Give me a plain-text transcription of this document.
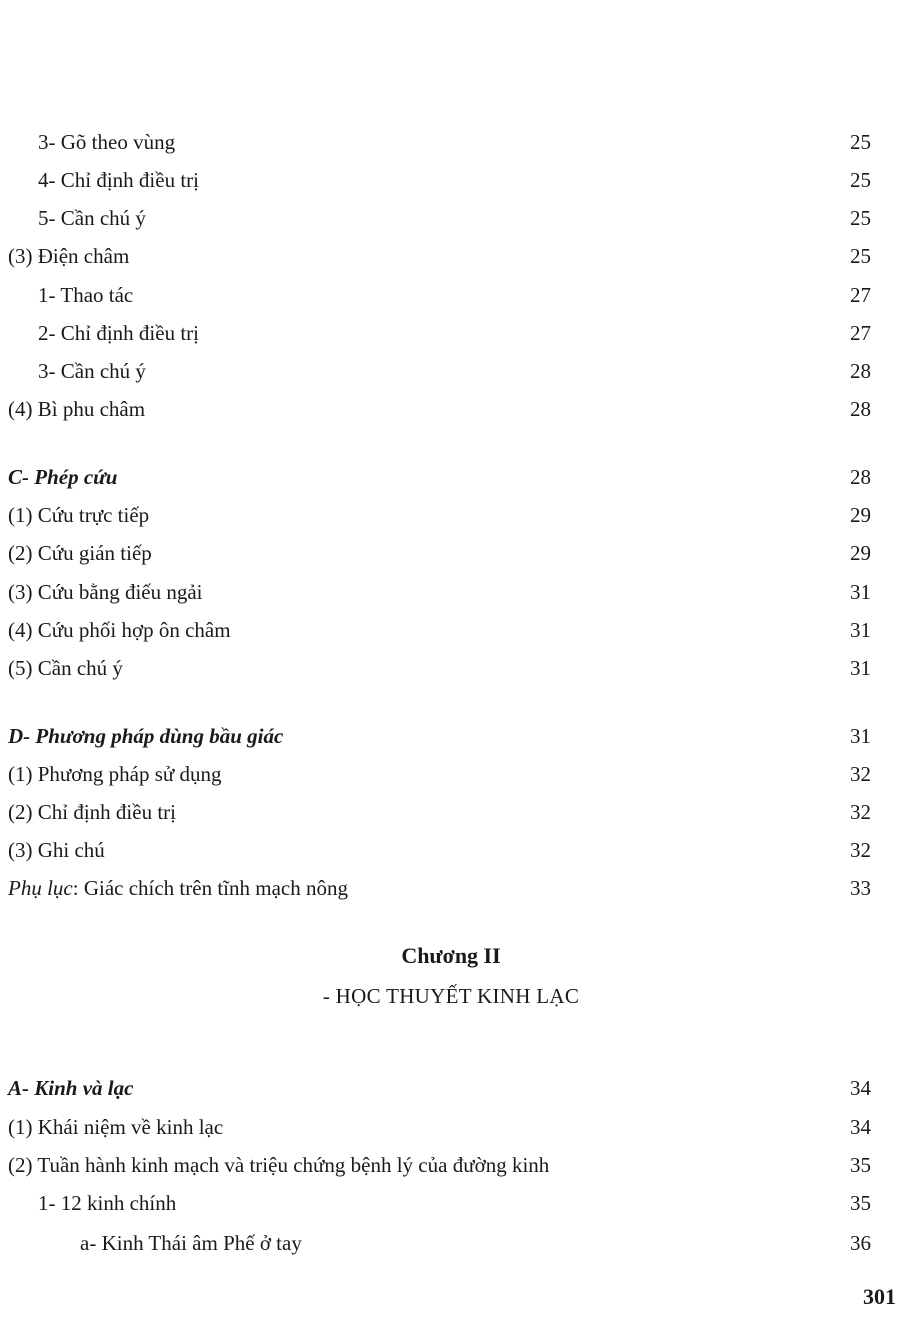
3- Gõ theo vùng	25
4- Chỉ định điều trị	25
5- Cần chú ý	25
(3) Điện châm	25
1- Thao tác	27
2- Chỉ định điều trị	27
3- Cần chú ý	28
(4) Bì phu châm	28
C- Phép cứu	28
(1) Cứu trực tiếp	29
(2) Cứu gián tiếp	29
(3) Cứu bằng điếu ngải	31
(4) Cứu phối hợp ôn châm	31
(5) Cần chú ý	31
D- Phương pháp dùng bầu giác	31
(1) Phương pháp sử dụng	32
(2) Chỉ định điều trị	32
(3) Ghi chú	32
Phụ lục: Giác chích trên tĩnh mạch nông	33
Chương II
- HỌC THUYẾT KINH LẠC
A- Kinh và lạc	34
(1) Khái niệm về kinh lạc	34
(2) Tuần hành kinh mạch và triệu chứng bệnh lý của đường kinh	35
1- 12 kinh chính	35
a- Kinh Thái âm Phế ở tay	36
301
